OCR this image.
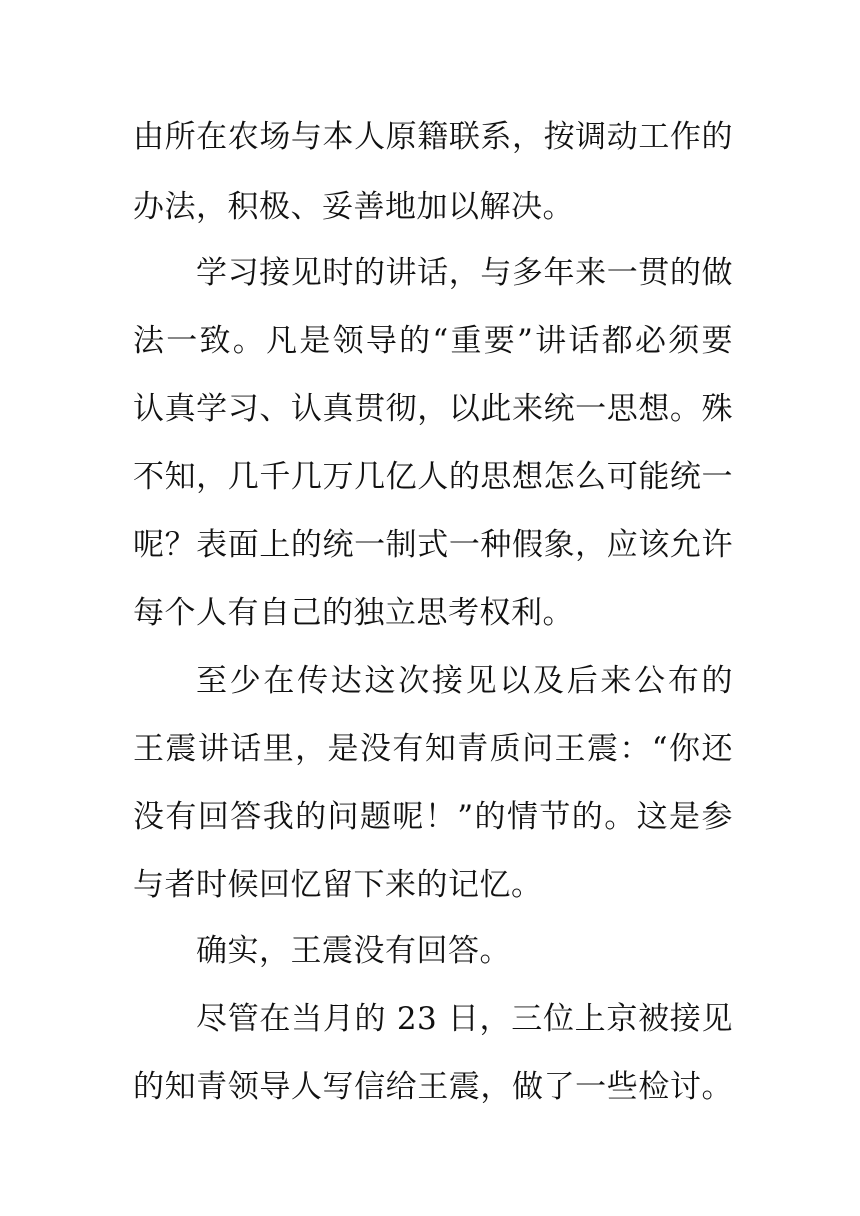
由所在农场与本人原籍联系，按调动工作的
办法，积极、妥善地加以解决。
学习接见时的讲话，与多年来一贯的做
法一致。凡是领导的“重要”讲话都必须要
认真学习、认真贯彻，以此来统一思想。殊
不知，几千几万几亿人的思想怎么可能统一
呢？表面上的统一制式一种假象，应该允许
每个人有自己的独立思考权利。
至少在传达这次接见以及后来公布的
王震讲话里，是没有知青质问王震：“你还
没有回答我的问题呢！”的情节的。这是参
与者时候回忆留下来的记忆。
确实，王震没有回答。
尽管在当月的 23 日，三位上京被接见
的知青领导人写信给王震，做了一些检讨。
